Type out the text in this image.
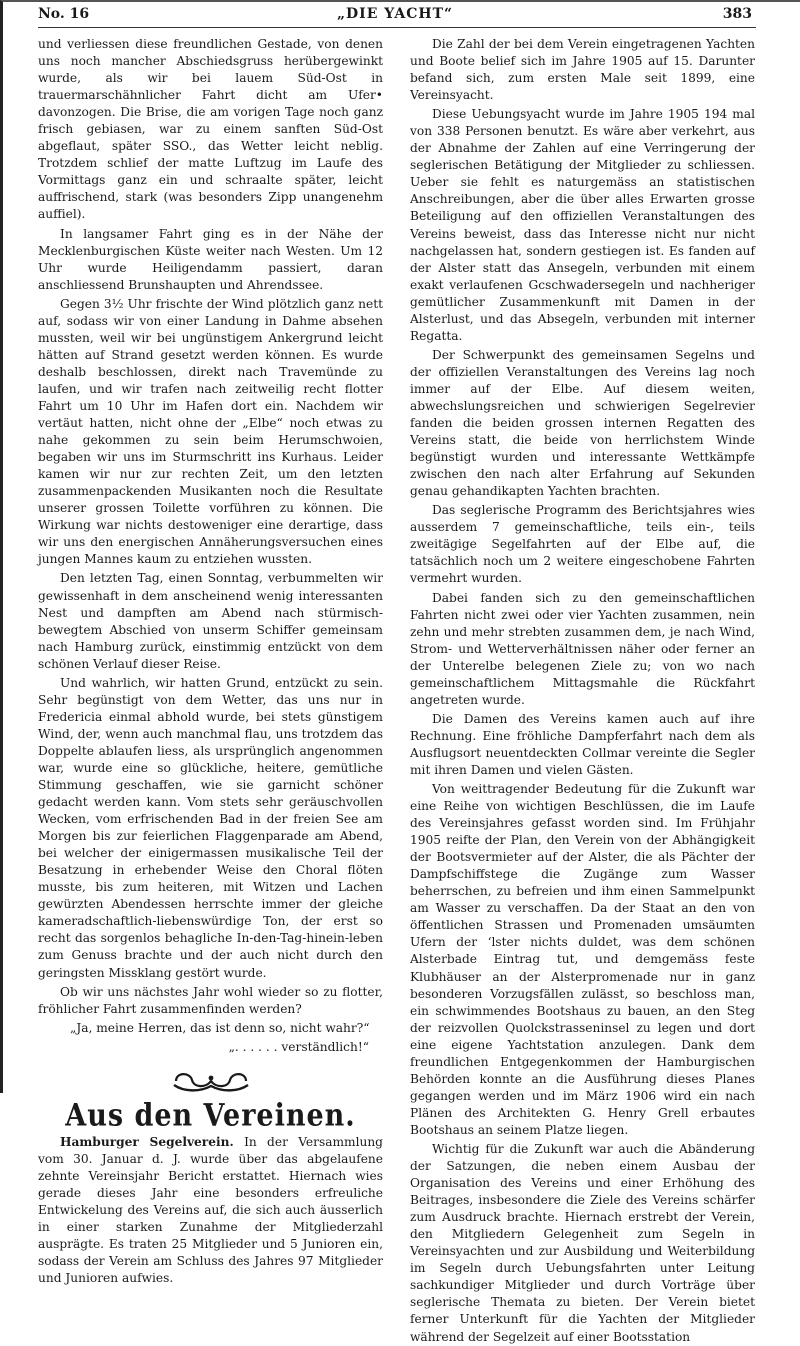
No. 16	„DIE YACHT“	383

und verliessen diese freundlichen Gestade, von denen uns noch mancher Abschiedsgruss herübergewinkt wurde, als wir bei lauem Süd-Ost in trauermarschähnlicher Fahrt dicht am Ufer• davonzogen. Die Brise, die am vorigen Tage noch ganz frisch gebiasen, war zu einem sanften Süd-Ost abgeflaut, später SSO., das Wetter leicht neblig. Trotzdem schlief der matte Luftzug im Laufe des Vormittags ganz ein und schraalte später, leicht auffrischend, stark (was besonders Zipp unangenehm auffiel).

In langsamer Fahrt ging es in der Nähe der Mecklenburgischen Küste weiter nach Westen. Um 12 Uhr wurde Heiligendamm passiert, daran anschliessend Brunshaupten und Ahrendssee.

Gegen 3¹⁄₂ Uhr frischte der Wind plötzlich ganz nett auf, sodass wir von einer Landung in Dahme absehen mussten, weil wir bei ungünstigem Ankergrund leicht hätten auf Strand gesetzt werden können. Es wurde deshalb beschlossen, direkt nach Travemünde zu laufen, und wir trafen nach zeitweilig recht flotter Fahrt um 10 Uhr im Hafen dort ein. Nachdem wir vertäut hatten, nicht ohne der „Elbe“ noch etwas zu nahe gekommen zu sein beim Herumschwoien, begaben wir uns im Sturmschritt ins Kurhaus. Leider kamen wir nur zur rechten Zeit, um den letzten zusammenpackenden Musikanten noch die Resultate unserer grossen Toilette vorführen zu können. Die Wirkung war nichts destoweniger eine derartige, dass wir uns den energischen Annäherungsversuchen eines jungen Mannes kaum zu entziehen wussten.

Den letzten Tag, einen Sonntag, verbummelten wir gewissenhaft in dem anscheinend wenig interessanten Nest und dampften am Abend nach stürmisch-bewegtem Abschied von unserm Schiffer gemeinsam nach Hamburg zurück, einstimmig entzückt von dem schönen Verlauf dieser Reise.

Und wahrlich, wir hatten Grund, entzückt zu sein. Sehr begünstigt von dem Wetter, das uns nur in Fredericia einmal abhold wurde, bei stets günstigem Wind, der, wenn auch manchmal flau, uns trotzdem das Doppelte ablaufen liess, als ursprünglich angenommen war, wurde eine so glückliche, heitere, gemütliche Stimmung geschaffen, wie sie garnicht schöner gedacht werden kann. Vom stets sehr geräuschvollen Wecken, vom erfrischenden Bad in der freien See am Morgen bis zur feierlichen Flaggenparade am Abend, bei welcher der einigermassen musikalische Teil der Besatzung in erhebender Weise den Choral flöten musste, bis zum heiteren, mit Witzen und Lachen gewürzten Abendessen herrschte immer der gleiche kameradschaftlich-liebenswürdige Ton, der erst so recht das sorgenlos behagliche In-den-Tag-hinein-leben zum Genuss brachte und der auch nicht durch den geringsten Missklang gestört wurde.

Ob wir uns nächstes Jahr wohl wieder so zu flotter, fröhlicher Fahrt zusammenfinden werden?

„Ja, meine Herren, das ist denn so, nicht wahr?“

„. . . . . . verständlich!“

Aus den Vereinen.

Hamburger Segelverein. In der Versammlung vom 30. Januar d. J. wurde über das abgelaufene zehnte Vereinsjahr Bericht erstattet. Hiernach wies gerade dieses Jahr eine besonders erfreuliche Entwickelung des Vereins auf, die sich auch äusserlich in einer starken Zunahme der Mitgliederzahl ausprägte. Es traten 25 Mitglieder und 5 Junioren ein, sodass der Verein am Schluss des Jahres 97 Mitglieder und Junioren aufwies.

Die Zahl der bei dem Verein eingetragenen Yachten und Boote belief sich im Jahre 1905 auf 15. Darunter befand sich, zum ersten Male seit 1899, eine Vereinsyacht.

Diese Uebungsyacht wurde im Jahre 1905 194 mal von 338 Personen benutzt. Es wäre aber verkehrt, aus der Abnahme der Zahlen auf eine Verringerung der seglerischen Betätigung der Mitglieder zu schliessen. Ueber sie fehlt es naturgemäss an statistischen Anschreibungen, aber die über alles Erwarten grosse Beteiligung auf den offiziellen Veranstaltungen des Vereins beweist, dass das Interesse nicht nur nicht nachgelassen hat, sondern gestiegen ist. Es fanden auf der Alster statt das Ansegeln, verbunden mit einem exakt verlaufenen Gcschwadersegeln und nachheriger gemütlicher Zusammenkunft mit Damen in der Alsterlust, und das Absegeln, verbunden mit interner Regatta.

Der Schwerpunkt des gemeinsamen Segelns und der offiziellen Veranstaltungen des Vereins lag noch immer auf der Elbe. Auf diesem weiten, abwechslungsreichen und schwierigen Segelrevier fanden die beiden grossen internen Regatten des Vereins statt, die beide von herrlichstem Winde begünstigt wurden und interessante Wettkämpfe zwischen den nach alter Erfahrung auf Sekunden genau gehandikapten Yachten brachten.

Das seglerische Programm des Berichtsjahres wies ausserdem 7 gemeinschaftliche, teils ein-, teils zweitägige Segelfahrten auf der Elbe auf, die tatsächlich noch um 2 weitere eingeschobene Fahrten vermehrt wurden.

Dabei fanden sich zu den gemeinschaftlichen Fahrten nicht zwei oder vier Yachten zusammen, nein zehn und mehr strebten zusammen dem, je nach Wind, Strom- und Wetterverhältnissen näher oder ferner an der Unterelbe belegenen Ziele zu; von wo nach gemeinschaftlichem Mittagsmahle die Rückfahrt angetreten wurde.

Die Damen des Vereins kamen auch auf ihre Rechnung. Eine fröhliche Dampferfahrt nach dem als Ausflugsort neuentdeckten Collmar vereinte die Segler mit ihren Damen und vielen Gästen.

Von weittragender Bedeutung für die Zukunft war eine Reihe von wichtigen Beschlüssen, die im Laufe des Vereinsjahres gefasst worden sind. Im Frühjahr 1905 reifte der Plan, den Verein von der Abhängigkeit der Bootsvermieter auf der Alster, die als Pächter der Dampfschiffstege die Zugänge zum Wasser beherrschen, zu befreien und ihm einen Sammelpunkt am Wasser zu verschaffen. Da der Staat an den von öffentlichen Strassen und Promenaden umsäumten Ufern der ‘lster nichts duldet, was dem schönen Alsterbade Eintrag tut, und demgemäss feste Klubhäuser an der Alsterpromenade nur in ganz besonderen Vorzugsfällen zulässt, so beschloss man, ein schwimmendes Bootshaus zu bauen, an den Steg der reizvollen Quolckstrasseninsel zu legen und dort eine eigene Yachtstation anzulegen. Dank dem freundlichen Entgegenkommen der Hamburgischen Behörden konnte an die Ausführung dieses Planes gegangen werden und im März 1906 wird ein nach Plänen des Architekten G. Henry Grell erbautes Bootshaus an seinem Platze liegen.

Wichtig für die Zukunft war auch die Abänderung der Satzungen, die neben einem Ausbau der Organisation des Vereins und einer Erhöhung des Beitrages, insbesondere die Ziele des Vereins schärfer zum Ausdruck brachte. Hiernach erstrebt der Verein, den Mitgliedern Gelegenheit zum Segeln in Vereinsyachten und zur Ausbildung und Weiterbildung im Segeln durch Uebungsfahrten unter Leitung sachkundiger Mitglieder und durch Vorträge über seglerische Themata zu bieten. Der Verein bietet ferner Unterkunft für die Yachten der Mitglieder während der Segelzeit auf einer Bootsstation
